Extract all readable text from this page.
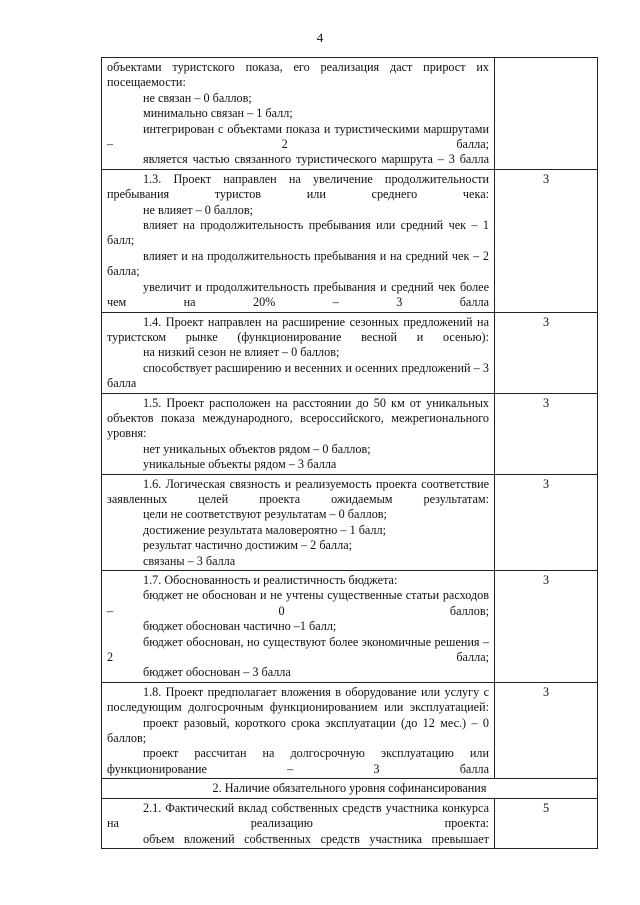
4
объектами туристского показа, его реализация даст прирост их посещаемости:
не связан – 0 баллов;
минимально связан – 1 балл;
интегрирован с объектами показа и туристическими маршрутами – 2 балла;
является частью связанного туристического маршрута – 3 балла	

1.3. Проект направлен на увеличение продолжительности пребывания туристов или среднего чека:
не влияет – 0 баллов;
влияет на продолжительность пребывания или средний чек – 1 балл;
влияет и на продолжительность пребывания и на средний чек – 2 балла;
увеличит и продолжительность пребывания и средний чек более чем на 20% – 3 балла	3

1.4. Проект направлен на расширение сезонных предложений на туристском рынке (функционирование весной и осенью):
на низкий сезон не влияет – 0 баллов;
способствует расширению и весенних и осенних предложений – 3 балла	3

1.5. Проект расположен на расстоянии до 50 км от уникальных объектов показа международного, всероссийского, межрегионального уровня:
нет уникальных объектов рядом – 0 баллов;
уникальные объекты рядом – 3 балла	3

1.6. Логическая связность и реализуемость проекта соответствие заявленных целей проекта ожидаемым результатам:
цели не соответствуют результатам – 0 баллов;
достижение результата маловероятно – 1 балл;
результат частично достижим – 2 балла;
связаны – 3 балла	3

1.7. Обоснованность и реалистичность бюджета:
бюджет не обоснован и не учтены существенные статьи расходов – 0 баллов;
бюджет обоснован частично –1 балл;
бюджет обоснован, но существуют более экономичные решения – 2 балла;
бюджет обоснован – 3 балла	3

1.8. Проект предполагает вложения в оборудование или услугу с последующим долгосрочным функционированием или эксплуатацией:
проект разовый, короткого срока эксплуатации (до 12 мес.) – 0 баллов;
проект рассчитан на долгосрочную эксплуатацию или функционирование – 3 балла	3
2. Наличие обязательного уровня софинансирования	

2.1. Фактический вклад собственных средств участника конкурса на реализацию проекта:
объем вложений собственных средств участника превышает	5
